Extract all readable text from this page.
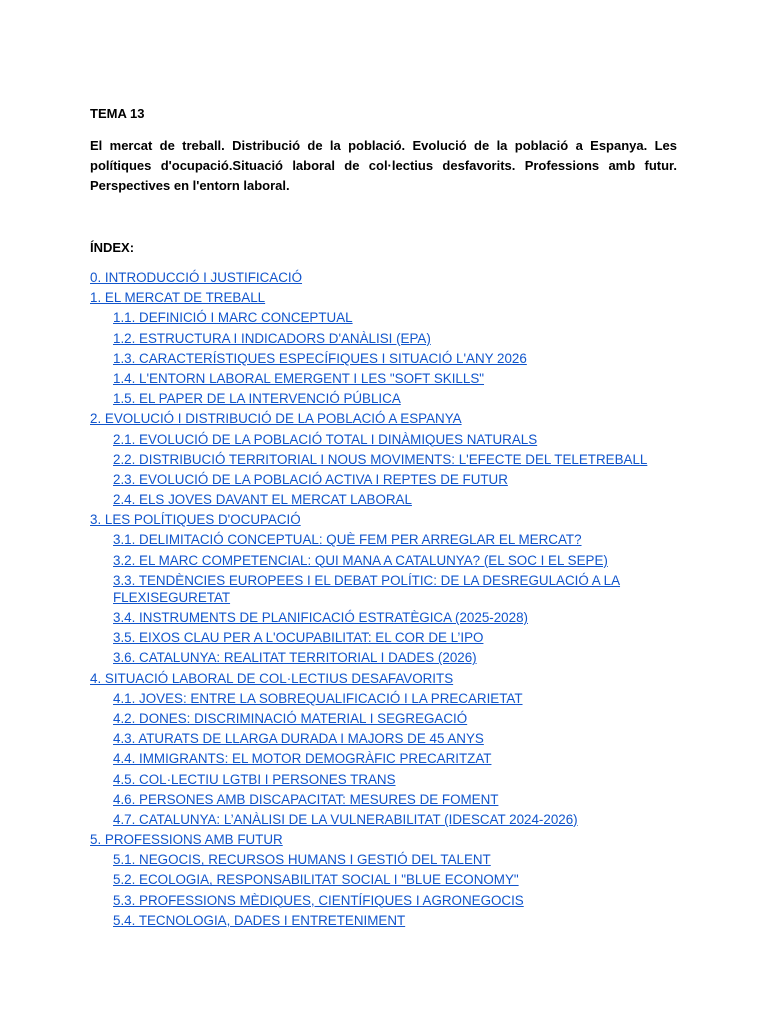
TEMA 13
El mercat de treball. Distribució de la població. Evolució de la població a Espanya. Les polítiques d'ocupació.Situació laboral de col·lectius desfavorits. Professions amb futur. Perspectives en l'entorn laboral.
ÍNDEX:
0. INTRODUCCIÓ I JUSTIFICACIÓ
1. EL MERCAT DE TREBALL
1.1. DEFINICIÓ I MARC CONCEPTUAL
1.2. ESTRUCTURA I INDICADORS D'ANÀLISI (EPA)
1.3. CARACTERÍSTIQUES ESPECÍFIQUES I SITUACIÓ L'ANY 2026
1.4. L'ENTORN LABORAL EMERGENT I LES "SOFT SKILLS"
1.5. EL PAPER DE LA INTERVENCIÓ PÚBLICA
2. EVOLUCIÓ I DISTRIBUCIÓ DE LA POBLACIÓ A ESPANYA
2.1. EVOLUCIÓ DE LA POBLACIÓ TOTAL I DINÀMIQUES NATURALS
2.2. DISTRIBUCIÓ TERRITORIAL I NOUS MOVIMENTS: L'EFECTE DEL TELETREBALL
2.3. EVOLUCIÓ DE LA POBLACIÓ ACTIVA I REPTES DE FUTUR
2.4. ELS JOVES DAVANT EL MERCAT LABORAL
3. LES POLÍTIQUES D'OCUPACIÓ
3.1. DELIMITACIÓ CONCEPTUAL: QUÈ FEM PER ARREGLAR EL MERCAT?
3.2. EL MARC COMPETENCIAL: QUI MANA A CATALUNYA? (EL SOC I EL SEPE)
3.3. TENDÈNCIES EUROPEES I EL DEBAT POLÍTIC: DE LA DESREGULACIÓ A LA FLEXISEGURETAT
3.4. INSTRUMENTS DE PLANIFICACIÓ ESTRATÈGICA (2025-2028)
3.5. EIXOS CLAU PER A L'OCUPABILITAT: EL COR DE L’IPO
3.6. CATALUNYA: REALITAT TERRITORIAL I DADES (2026)
4. SITUACIÓ LABORAL DE COL·LECTIUS DESAFAVORITS
4.1. JOVES: ENTRE LA SOBREQUALIFICACIÓ I LA PRECARIETAT
4.2. DONES: DISCRIMINACIÓ MATERIAL I SEGREGACIÓ
4.3. ATURATS DE LLARGA DURADA I MAJORS DE 45 ANYS
4.4. IMMIGRANTS: EL MOTOR DEMOGRÀFIC PRECARITZAT
4.5. COL·LECTIU LGTBI I PERSONES TRANS
4.6. PERSONES AMB DISCAPACITAT: MESURES DE FOMENT
4.7. CATALUNYA: L’ANÀLISI DE LA VULNERABILITAT (IDESCAT 2024-2026)
5. PROFESSIONS AMB FUTUR
5.1. NEGOCIS, RECURSOS HUMANS I GESTIÓ DEL TALENT
5.2. ECOLOGIA, RESPONSABILITAT SOCIAL I "BLUE ECONOMY"
5.3. PROFESSIONS MÈDIQUES, CIENTÍFIQUES I AGRONEGOCIS
5.4. TECNOLOGIA, DADES I ENTRETENIMENT
